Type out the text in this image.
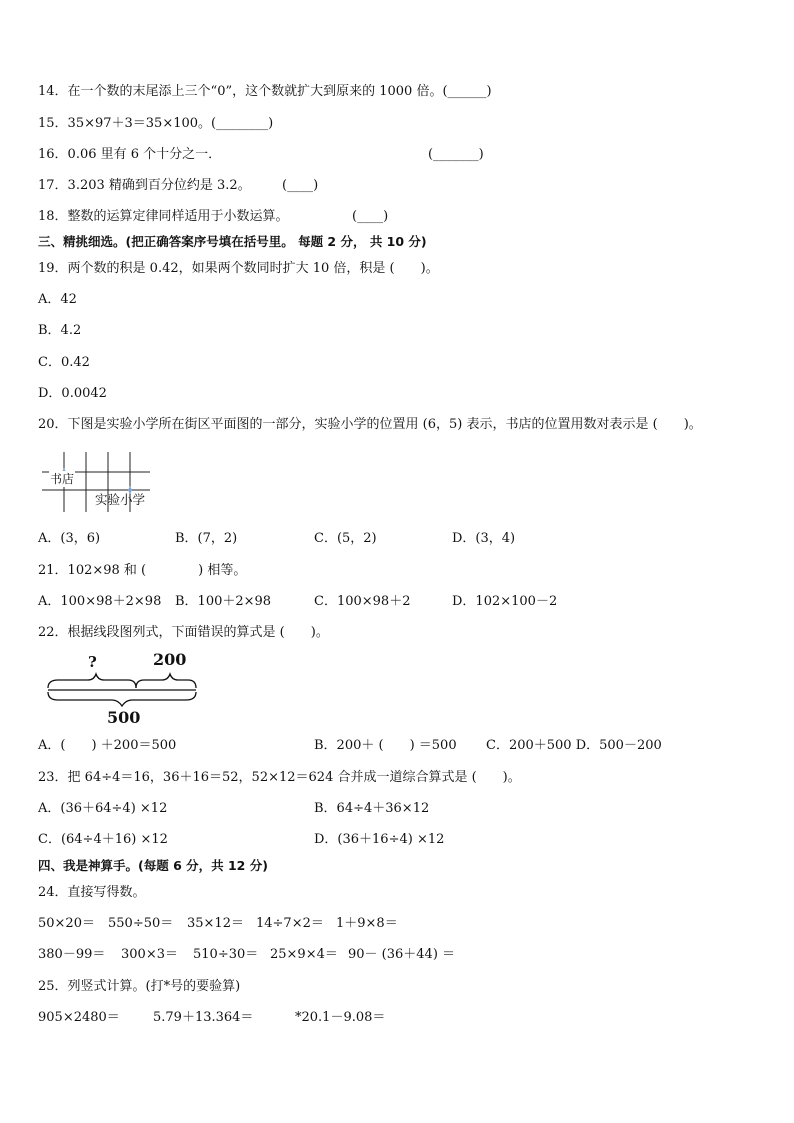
14．在一个数的末尾添上三个“0”，这个数就扩大到原来的 1000 倍。(______)
15．35×97＋3＝35×100。(________)
16．0.06 里有 6 个十分之一．	(_______)
17．3.203 精确到百分位约是 3.2。 (____)
18．整数的运算定律同样适用于小数运算。	(____)
三、精挑细选。(把正确答案序号填在括号里。 每题 2 分， 共 10 分)
19．两个数的积是 0.42，如果两个数同时扩大 10 倍，积是 (　　)。
A．42
B．4.2
C．0.42
D．0.0042
20．下图是实验小学所在街区平面图的一部分，实验小学的位置用 (6，5) 表示，书店的位置用数对表示是 (　　)。
书店
实验小学
A．(3，6)	B．(7，2)	C．(5，2)	D．(3，4)
21．102×98 和 (　　　　) 相等。
A．100×98＋2×98 B．100＋2×98	C．100×98＋2	D．102×100－2
22．根据线段图列式，下面错误的算式是 (　　)。
?	200
500
A．(　　) ＋200＝500	B．200＋ (　　) ＝500 C．200＋500 D．500－200
23．把 64÷4＝16，36＋16＝52，52×12＝624 合并成一道综合算式是 (　　)。
A．(36＋64÷4) ×12	B．64÷4＋36×12
C．(64÷4＋16) ×12	D．(36＋16÷4) ×12
四、我是神算手。(每题 6 分，共 12 分)
24．直接写得数。
50×20＝ 550÷50＝ 35×12＝ 14÷7×2＝ 1＋9×8＝
380－99＝ 300×3＝ 510÷30＝ 25×9×4＝ 90－ (36＋44) ＝
25．列竖式计算。(打*号的要验算)
905×2480＝	5.79＋13.364＝	*20.1－9.08＝
